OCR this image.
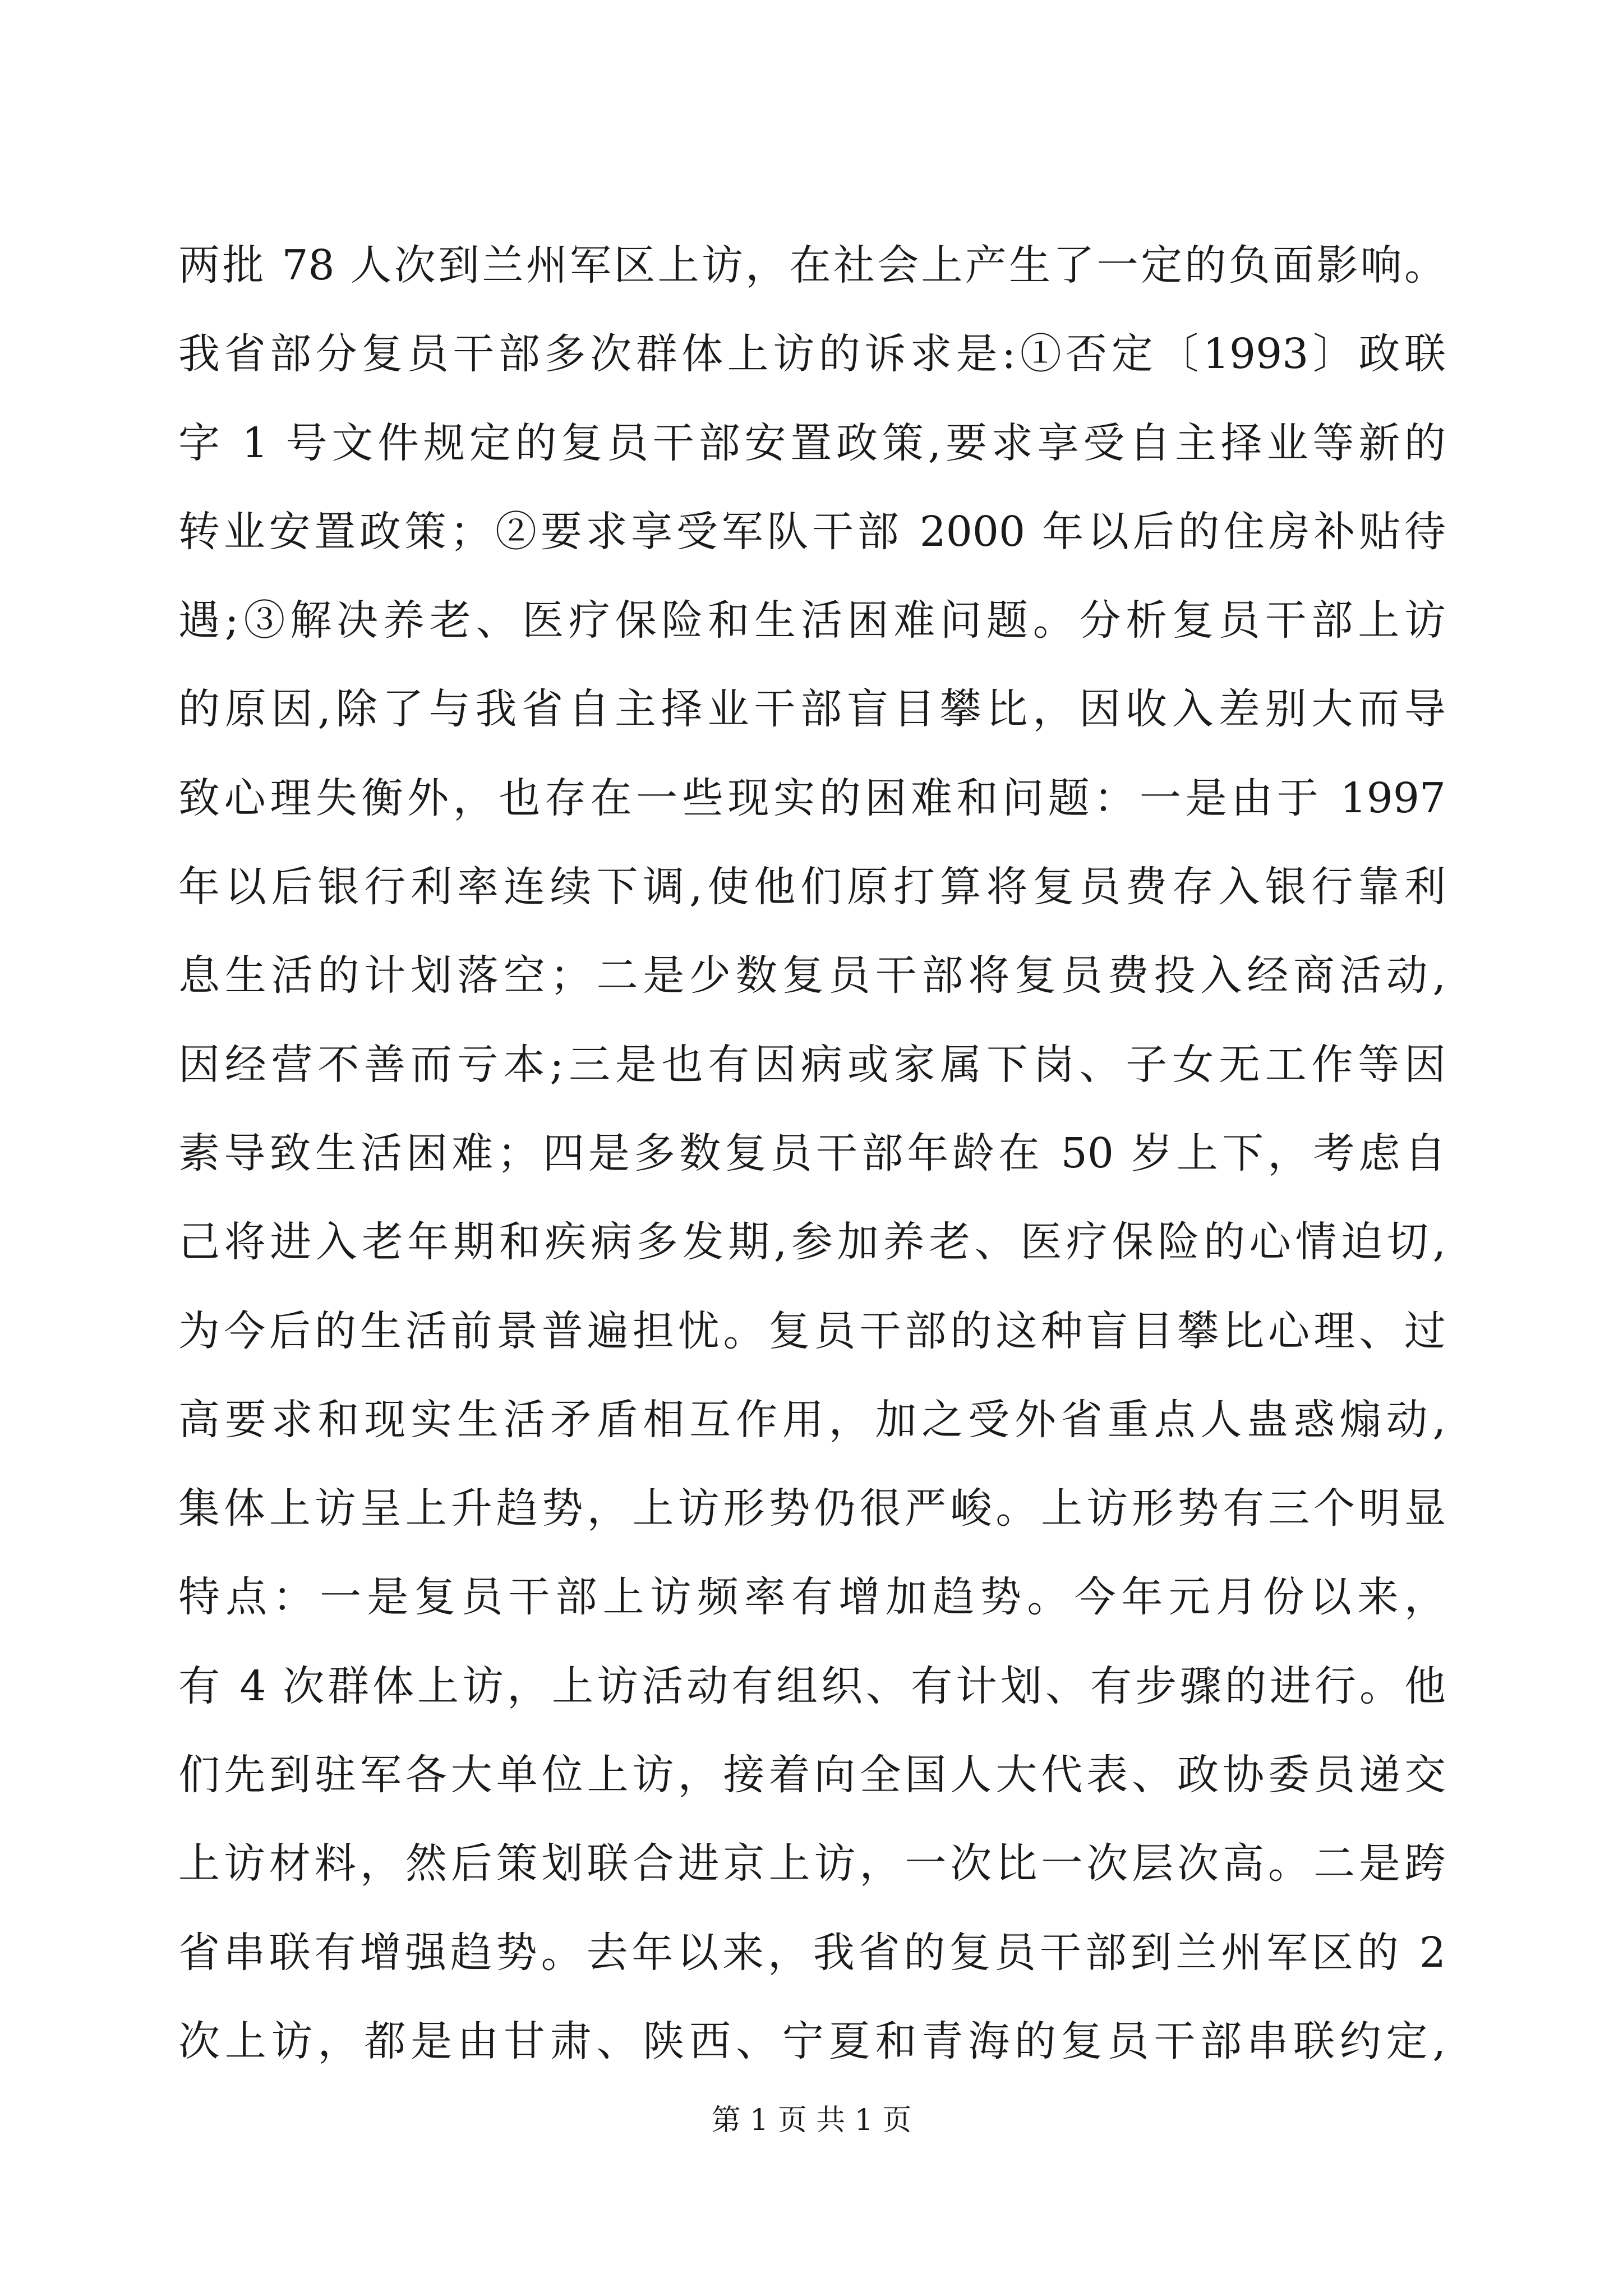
两批 78 人次到兰州军区上访，在社会上产生了一定的负面影响。
我省部分复员干部多次群体上访的诉求是:①否定〔1993〕政联
字 1 号文件规定的复员干部安置政策,要求享受自主择业等新的
转业安置政策；②要求享受军队干部 2000 年以后的住房补贴待
遇;③解决养老、医疗保险和生活困难问题。分析复员干部上访
的原因,除了与我省自主择业干部盲目攀比，因收入差别大而导
致心理失衡外，也存在一些现实的困难和问题：一是由于 1997
年以后银行利率连续下调,使他们原打算将复员费存入银行靠利
息生活的计划落空；二是少数复员干部将复员费投入经商活动,
因经营不善而亏本;三是也有因病或家属下岗、子女无工作等因
素导致生活困难；四是多数复员干部年龄在 50 岁上下，考虑自
己将进入老年期和疾病多发期,参加养老、医疗保险的心情迫切,
为今后的生活前景普遍担忧。复员干部的这种盲目攀比心理、过
高要求和现实生活矛盾相互作用，加之受外省重点人蛊惑煽动,
集体上访呈上升趋势，上访形势仍很严峻。上访形势有三个明显
特点：一是复员干部上访频率有增加趋势。今年元月份以来，
有 4 次群体上访，上访活动有组织、有计划、有步骤的进行。他
们先到驻军各大单位上访，接着向全国人大代表、政协委员递交
上访材料，然后策划联合进京上访，一次比一次层次高。二是跨
省串联有增强趋势。去年以来，我省的复员干部到兰州军区的 2
次上访，都是由甘肃、陕西、宁夏和青海的复员干部串联约定,
第 1 页 共 1 页
